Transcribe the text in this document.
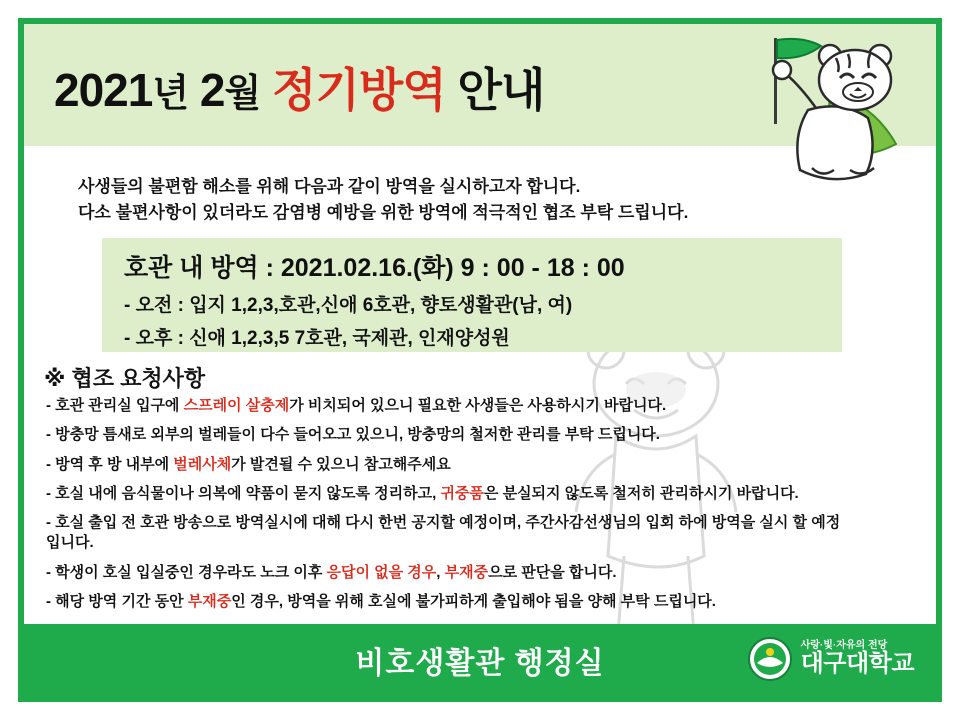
2021년 2월 정기방역 안내
사생들의 불편함 해소를 위해 다음과 같이 방역을 실시하고자 합니다.
다소 불편사항이 있더라도 감염병 예방을 위한 방역에 적극적인 협조 부탁 드립니다.
호관 내 방역 : 2021.02.16.(화) 9 : 00 - 18 : 00
- 오전 : 입지 1,2,3,호관,신애 6호관, 향토생활관(남, 여)
- 오후 : 신애 1,2,3,5 7호관, 국제관, 인재양성원
※ 협조 요청사항
- 호관 관리실 입구에 스프레이 살충제가 비치되어 있으니 필요한 사생들은 사용하시기 바랍니다.
- 방충망 틈새로 외부의 벌레들이 다수 들어오고 있으니, 방충망의 철저한 관리를 부탁 드립니다.
- 방역 후 방 내부에 벌레사체가 발견될 수 있으니 참고해주세요
- 호실 내에 음식물이나 의복에 약품이 묻지 않도록 정리하고, 귀중품은 분실되지 않도록 철저히 관리하시기 바랍니다.
- 호실 출입 전 호관 방송으로 방역실시에 대해 다시 한번 공지할 예정이며, 주간사감선생님의 입회 하에 방역을 실시 할 예정입니다.
- 학생이 호실 입실중인 경우라도 노크 이후 응답이 없을 경우, 부재중으로 판단을 합니다.
- 해당 방역 기간 동안 부재중인 경우, 방역을 위해 호실에 불가피하게 출입해야 됨을 양해 부탁 드립니다.
비호생활관 행정실
사랑·빛·자유의 전당
대구대학교
